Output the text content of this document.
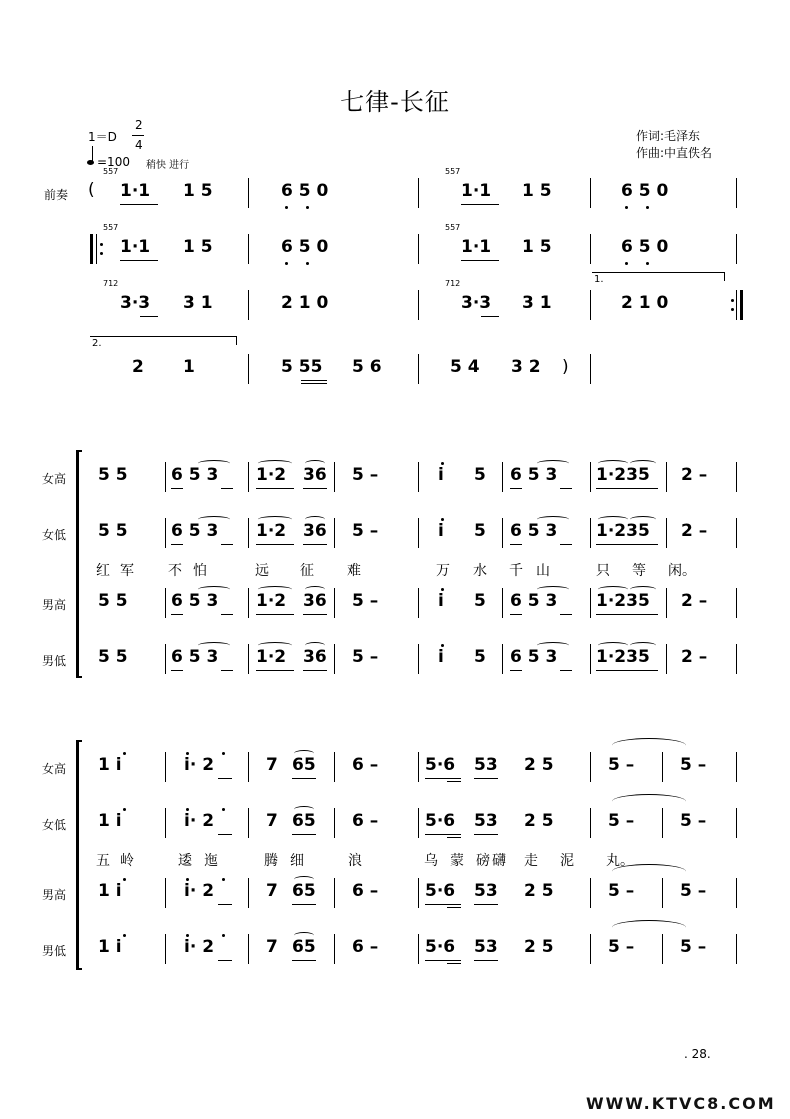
七律-长征
1＝D
2
4
=100 稍快 进行
作词:毛泽东
作曲:中直佚名
前奏 (
557
1·1 1 5	6 5 0
557
1·1 1 5	6 5 0
557
1·1 1 5	6 5 0
557
1·1 1 5	6 5 0
1.
712
3·3 3 1	2 1 0
712
3·3 3 1	2 1 0
2.
2 1	5 55 5 6	5 4 3 2 )
女高 5 5	6 5 3 1·2 36 5 –	i 5 6 5 3 1·235 2 –
女低 5 5	6 5 3 1·2 36 5 –	i 5 6 5 3 1·235 2 –
红 军 不 怕	远 征 难	万 水 千 山	只 等 闲。
男高 5 5	6 5 3 1·2 36 5 –	i 5 6 5 3 1·235 2 –
男低 5 5	6 5 3 1·2 36 5 –	i 5 6 5 3 1·235 2 –
女高 1 i	i· 2	7 65 6 –	5·6 53 2 5	5 –	5 –
女低 1 i	i· 2	7 65 6 –	5·6 53 2 5	5 –	5 –
五 岭	逶 迤	腾 细	浪	乌 蒙 磅 礴 走 泥 丸。
男高 1 i	i· 2	7 65 6 –	5·6 53 2 5	5 –	5 –
男低 1 i	i· 2	7 65 6 –	5·6 53 2 5	5 –	5 –
. 28.
WWW.KTVC8.COM
